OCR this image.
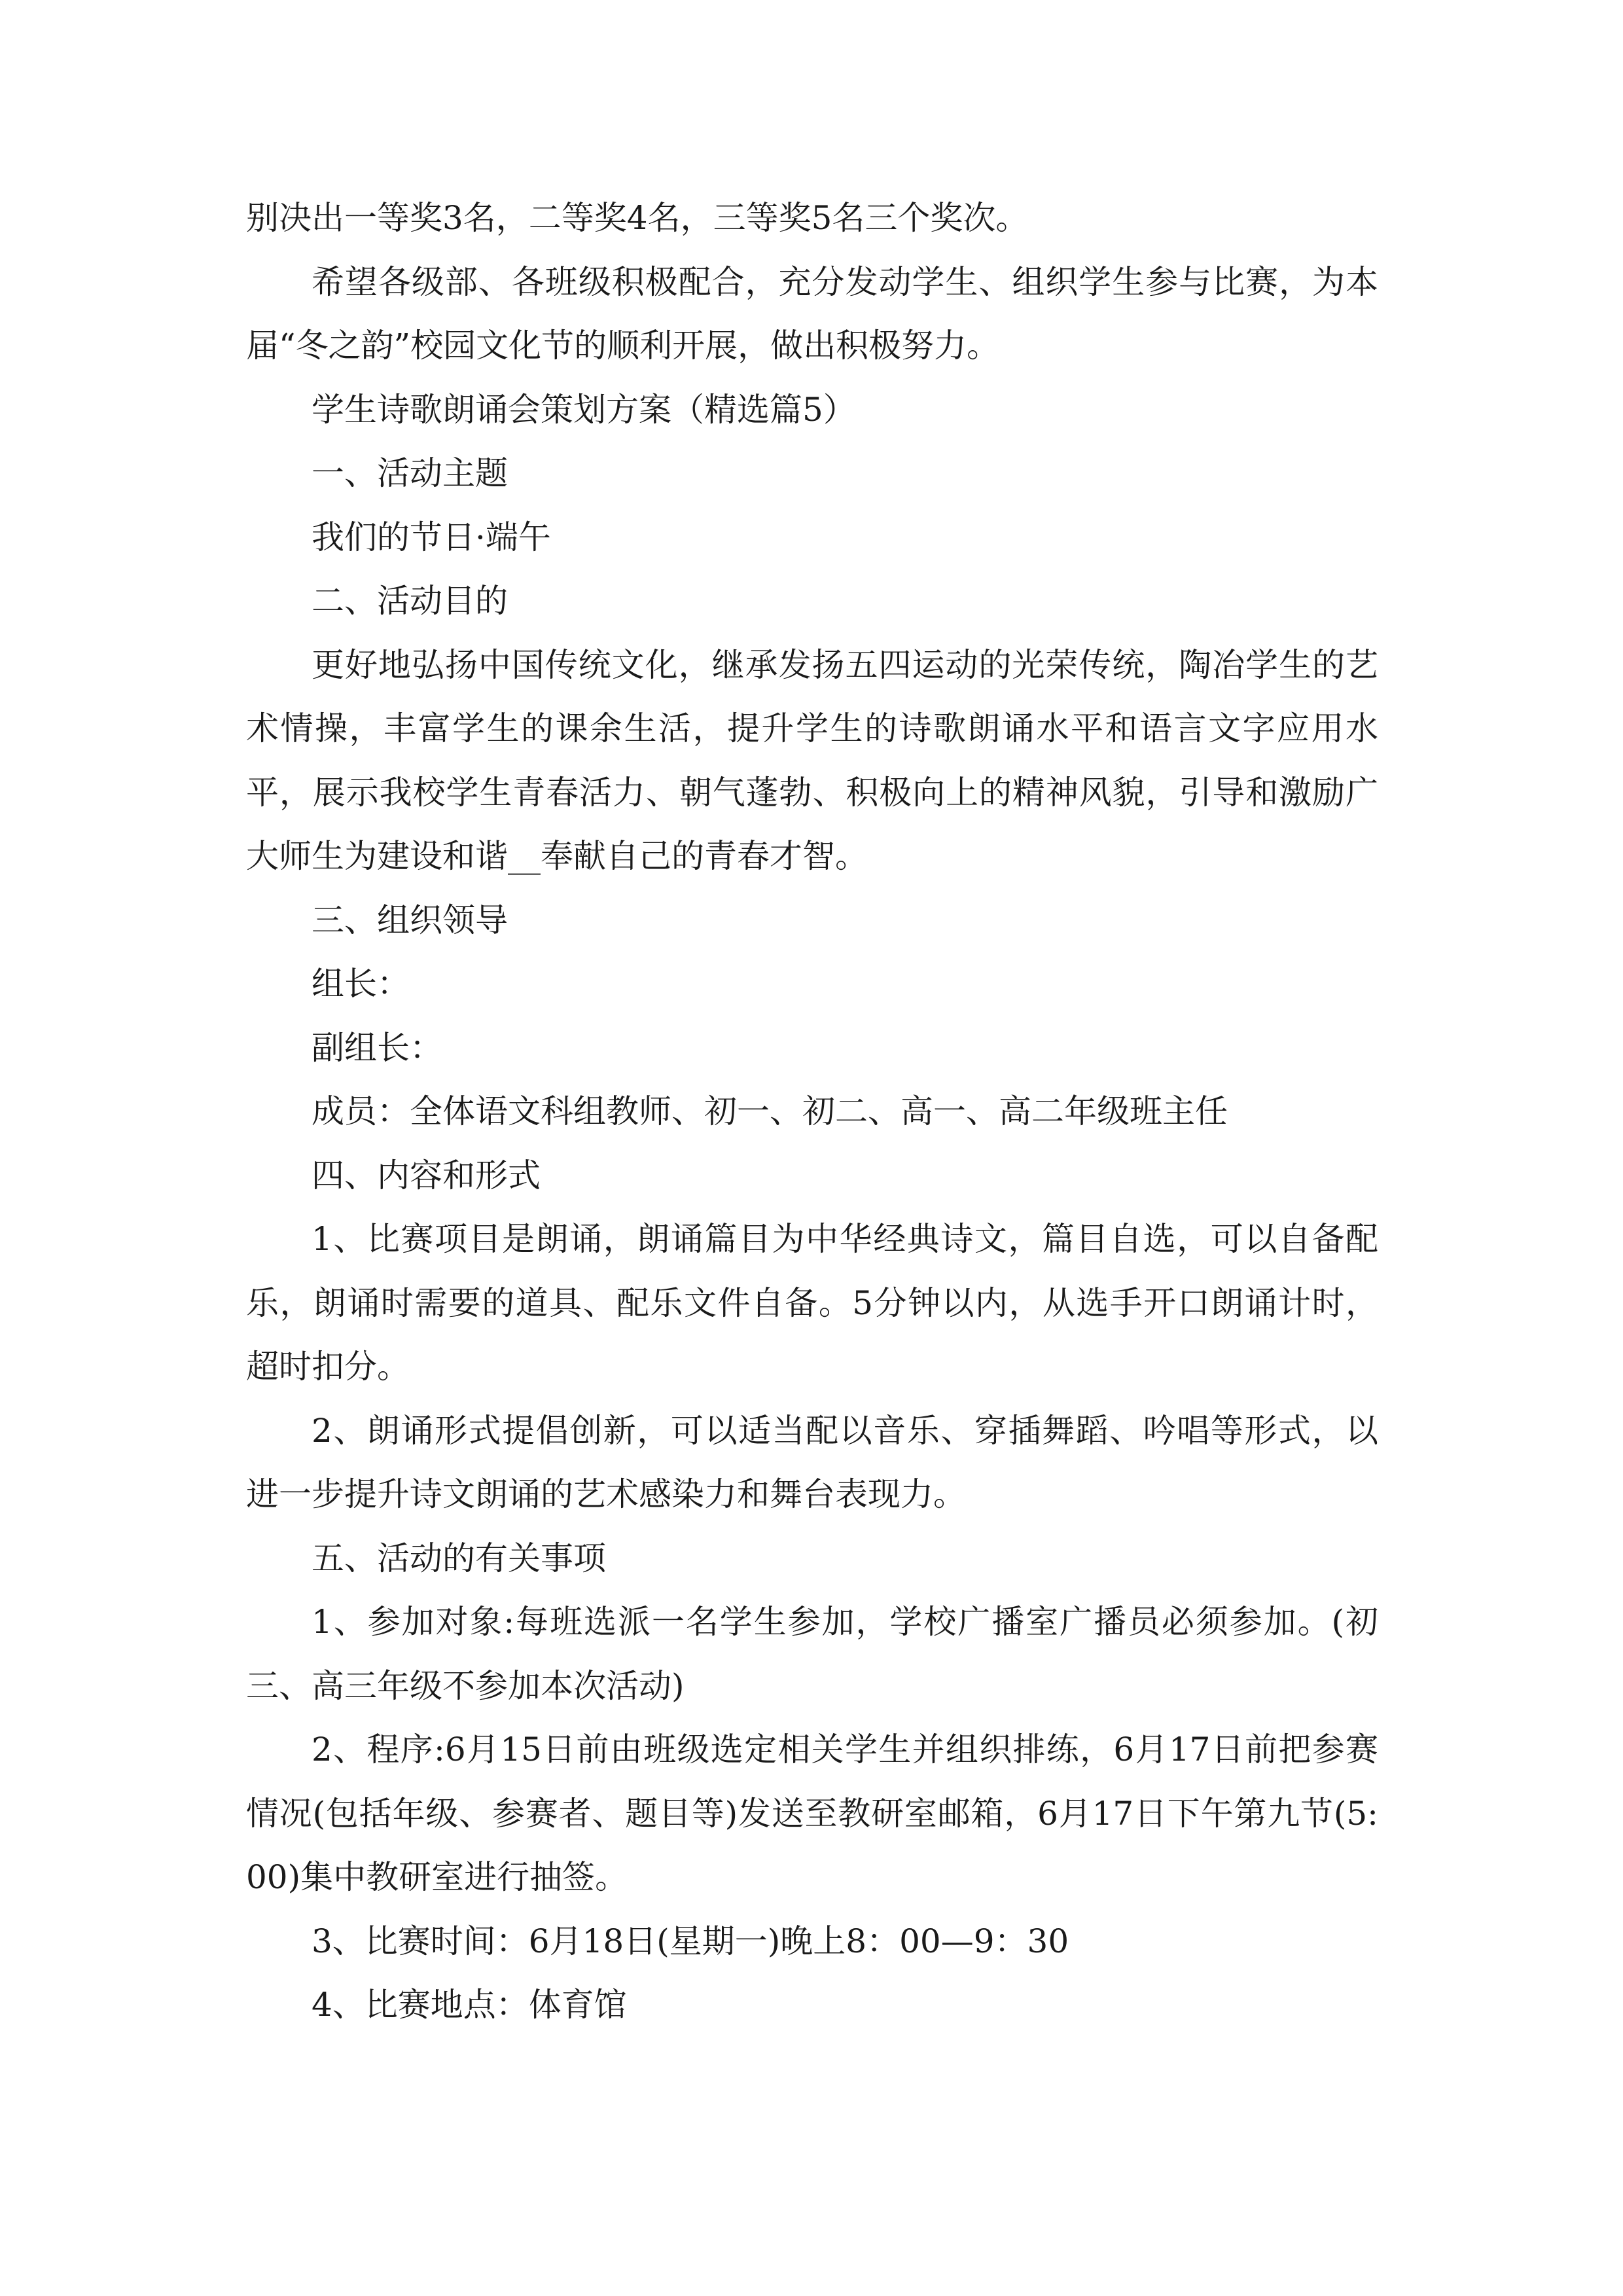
别决出一等奖3名，二等奖4名，三等奖5名三个奖次。

希望各级部、各班级积极配合，充分发动学生、组织学生参与比赛，为本届“冬之韵”校园文化节的顺利开展，做出积极努力。

学生诗歌朗诵会策划方案（精选篇5）

一、活动主题

我们的节日·端午

二、活动目的

更好地弘扬中国传统文化，继承发扬五四运动的光荣传统，陶冶学生的艺术情操，丰富学生的课余生活，提升学生的诗歌朗诵水平和语言文字应用水平，展示我校学生青春活力、朝气蓬勃、积极向上的精神风貌，引导和激励广大师生为建设和谐__奉献自己的青春才智。

三、组织领导

组长：

副组长：

成员：全体语文科组教师、初一、初二、高一、高二年级班主任

四、内容和形式

1、比赛项目是朗诵，朗诵篇目为中华经典诗文，篇目自选，可以自备配乐，朗诵时需要的道具、配乐文件自备。5分钟以内，从选手开口朗诵计时，超时扣分。

2、朗诵形式提倡创新，可以适当配以音乐、穿插舞蹈、吟唱等形式，以进一步提升诗文朗诵的艺术感染力和舞台表现力。

五、活动的有关事项

1、参加对象:每班选派一名学生参加，学校广播室广播员必须参加。(初三、高三年级不参加本次活动)

2、程序:6月15日前由班级选定相关学生并组织排练，6月17日前把参赛情况(包括年级、参赛者、题目等)发送至教研室邮箱，6月17日下午第九节(5:00)集中教研室进行抽签。

3、比赛时间：6月18日(星期一)晚上8：00—9：30

4、比赛地点：体育馆
